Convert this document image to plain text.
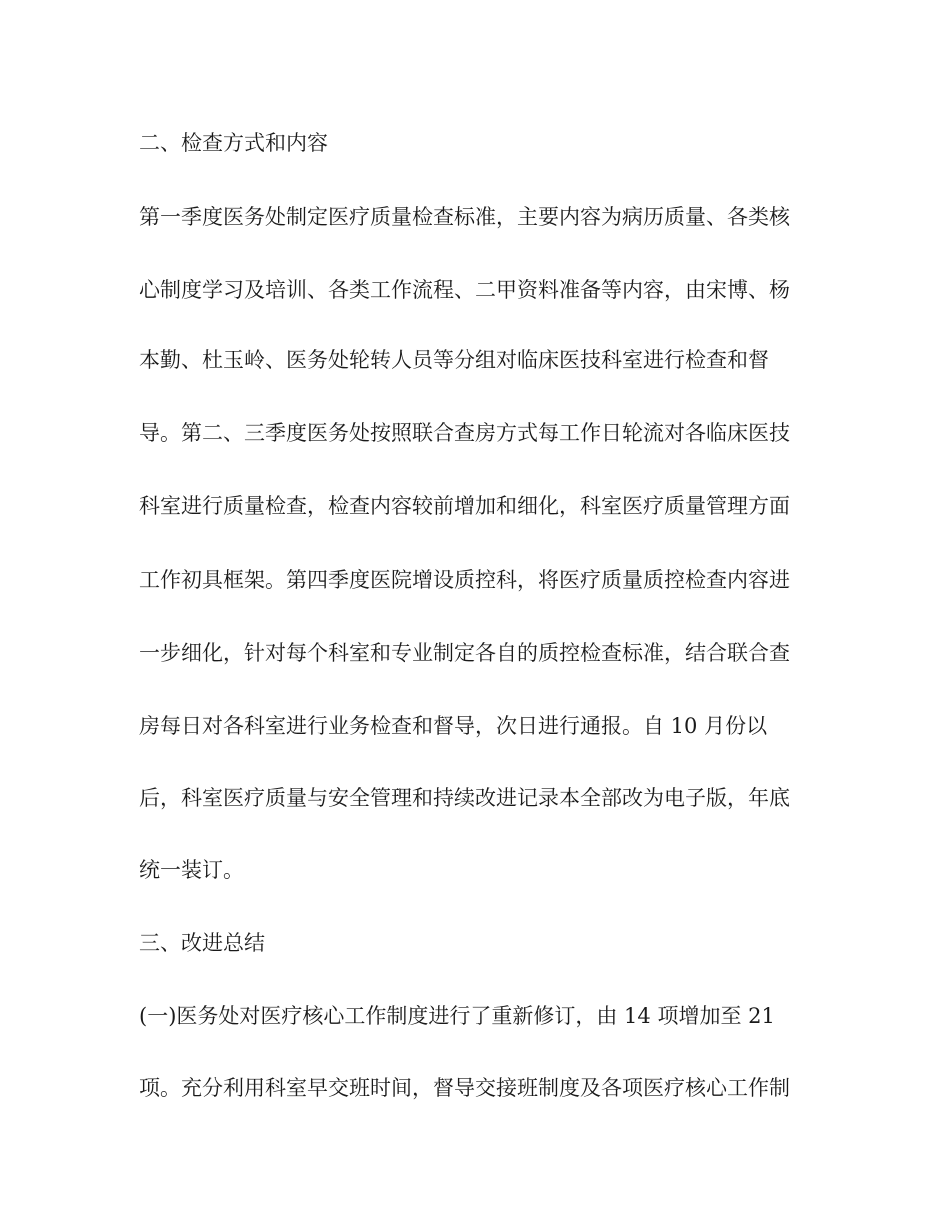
二、检查方式和内容

第一季度医务处制定医疗质量检查标准，主要内容为病历质量、各类核

心制度学习及培训、各类工作流程、二甲资料准备等内容，由宋博、杨

本勤、杜玉岭、医务处轮转人员等分组对临床医技科室进行检查和督

导。第二、三季度医务处按照联合查房方式每工作日轮流对各临床医技

科室进行质量检查，检查内容较前增加和细化，科室医疗质量管理方面

工作初具框架。第四季度医院增设质控科，将医疗质量质控检查内容进

一步细化，针对每个科室和专业制定各自的质控检查标准，结合联合查

房每日对各科室进行业务检查和督导，次日进行通报。自 10 月份以

后，科室医疗质量与安全管理和持续改进记录本全部改为电子版，年底

统一装订。

三、改进总结

(一)医务处对医疗核心工作制度进行了重新修订，由 14 项增加至 21

项。充分利用科室早交班时间，督导交接班制度及各项医疗核心工作制
